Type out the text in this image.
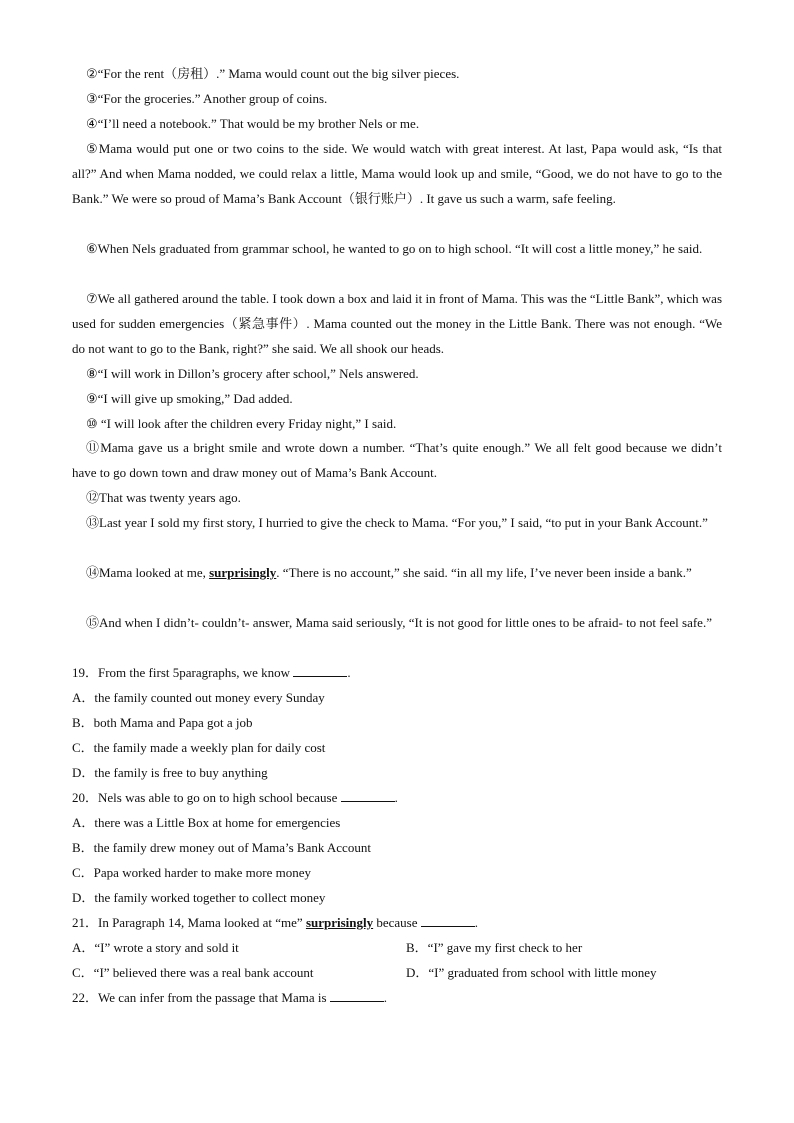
②“For the rent（房租）.” Mama would count out the big silver pieces.

③“For the groceries.” Another group of coins.

④“I’ll need a notebook.” That would be my brother Nels or me.

⑤Mama would put one or two coins to the side. We would watch with great interest. At last, Papa would ask, “Is that all?” And when Mama nodded, we could relax a little, Mama would look up and smile, “Good, we do not have to go to the Bank.” We were so proud of Mama’s Bank Account（银行账户）. It gave us such a warm, safe feeling.

⑥When Nels graduated from grammar school, he wanted to go on to high school. “It will cost a little money,” he said.

⑦We all gathered around the table. I took down a box and laid it in front of Mama. This was the “Little Bank”, which was used for sudden emergencies（紧急事件）. Mama counted out the money in the Little Bank. There was not enough. “We do not want to go to the Bank, right?” she said. We all shook our heads.

⑧“I will work in Dillon’s grocery after school,” Nels answered.

⑨“I will give up smoking,” Dad added.

⑩ “I will look after the children every Friday night,” I said.

⑪Mama gave us a bright smile and wrote down a number. “That’s quite enough.” We all felt good because we didn’t have to go down town and draw money out of Mama’s Bank Account.

⑫That was twenty years ago.

⑬Last year I sold my first story, I hurried to give the check to Mama. “For you,” I said, “to put in your Bank Account.”

⑭Mama looked at me, surprisingly. “There is no account,” she said. “in all my life, I’ve never been inside a bank.”

⑮And when I didn’t- couldn’t- answer, Mama said seriously, “It is not good for little ones to be afraid- to not feel safe.”

19．From the first 5paragraphs, we know	.

A．the family counted out money every Sunday

B．both Mama and Papa got a job

C．the family made a weekly plan for daily cost

D．the family is free to buy anything

20．Nels was able to go on to high school because	.

A．there was a Little Box at home for emergencies

B．the family drew money out of Mama’s Bank Account

C．Papa worked harder to make more money

D．the family worked together to collect money

21．In Paragraph 14, Mama looked at “me” surprisingly because	.

A．“I” wrote a story and sold it	B．“I” gave my first check to her

C．“I” believed there was a real bank account	D．“I” graduated from school with little money

22．We can infer from the passage that Mama is	.
